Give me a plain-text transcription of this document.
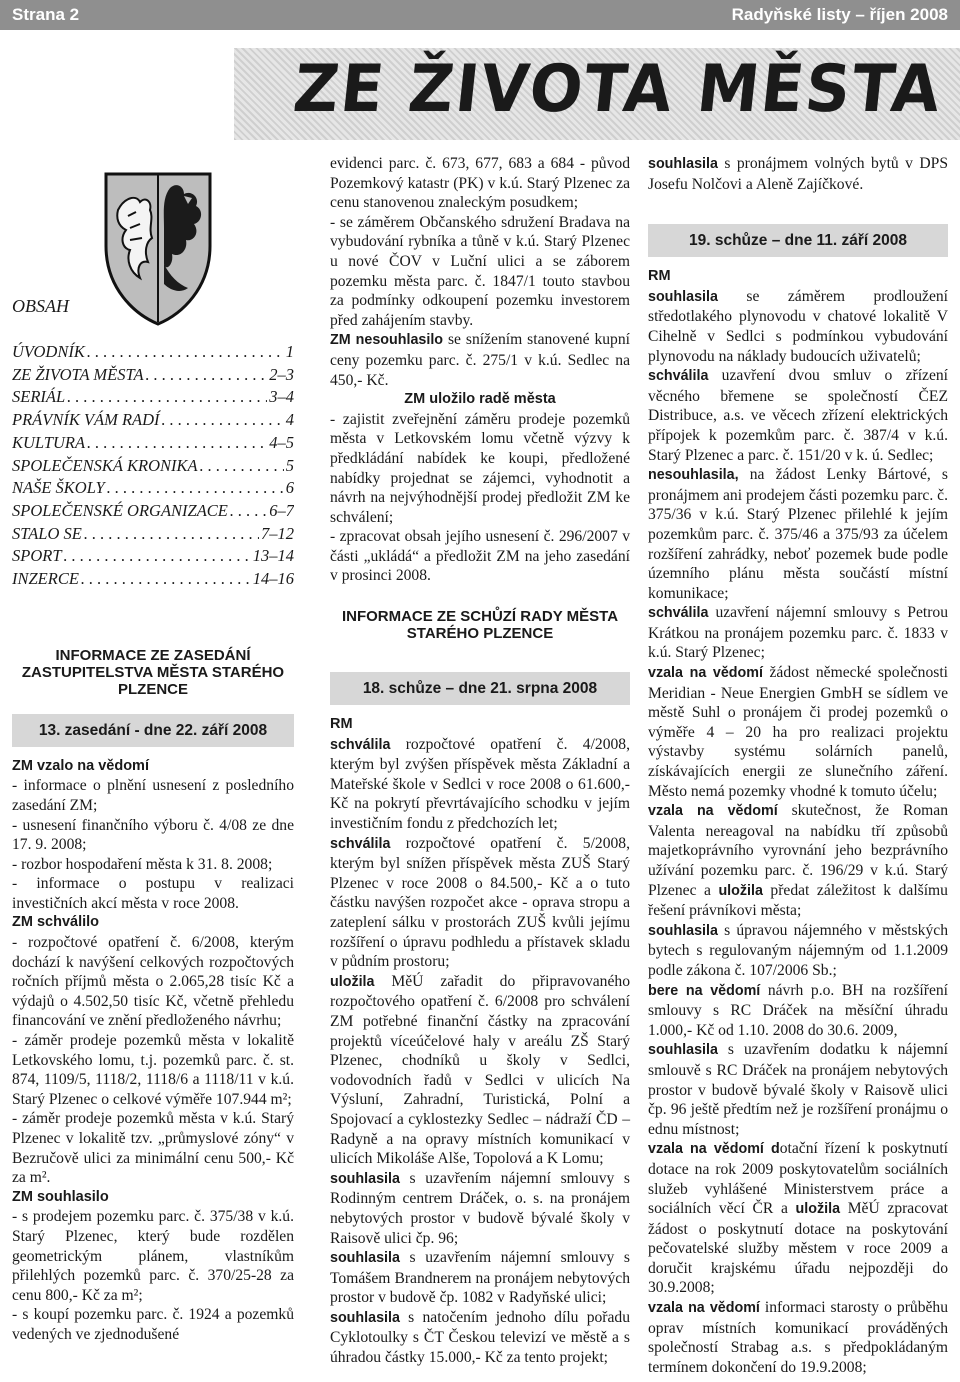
Strana 2	Radyňské listy – říjen 2008
ZE ŽIVOTA MĚSTA
OBSAH
ÚVODNÍK . . .	1
ZE ŽIVOTA MĚSTA . . .	2–3
SERIÁL . . .	3–4
PRÁVNÍK VÁM RADÍ . . .	4
KULTURA . . .	4–5
SPOLEČENSKÁ KRONIKA . . .	5
NAŠE ŠKOLY . . .	6
SPOLEČENSKÉ ORGANIZACE . . .	6–7
STALO SE . . .	7–12
SPORT . . .	13–14
INZERCE . . .	14–16
INFORMACE ZE ZASEDÁNÍ ZASTUPITELSTVA MĚSTA STARÉHO PLZENCE
13. zasedání - dne 22. září 2008

ZM vzalo na vědomí

- informace o plnění usnesení z posledního zasedání ZM;

- usnesení finančního výboru č. 4/08 ze dne 17. 9. 2008;

- rozbor hospodaření města k 31. 8. 2008;

- informace o postupu v realizaci investičních akcí města v roce 2008.

ZM schválilo

- rozpočtové opatření č. 6/2008, kterým dochází k navýšení celkových rozpočtových ročních příjmů města o 2.065,28 tisíc Kč a výdajů o 4.502,50 tisíc Kč, včetně přehledu financování ve znění předloženého návrhu;

- záměr prodeje pozemků města v lokalitě Letkovského lomu, t.j. pozemků parc. č. st. 874, 1109/5, 1118/2, 1118/6 a 1118/11 v k.ú. Starý Plzenec o celkové výměře 107.944 m²;

- záměr prodeje pozemků města v k.ú. Starý Plzenec v lokalitě tzv. „průmyslové zóny“ v Bezručově ulici za minimální cenu 500,- Kč za m².

ZM souhlasilo

- s prodejem pozemku parc. č. 375/38 v k.ú. Starý Plzenec, který bude rozdělen geometrickým plánem, vlastníkům přilehlých pozemků parc. č. 370/25-28 za cenu 800,- Kč za m²;

- s koupí pozemku parc. č. 1924 a pozemků vedených ve zjednodušené

evidenci parc. č. 673, 677, 683 a 684 - původ Pozemkový katastr (PK) v k.ú. Starý Plzenec za cenu stanovenou znaleckým posudkem;

- se záměrem Občanského sdružení Bradava na vybudování rybníka a tůně v k.ú. Starý Plzenec u nové ČOV v Luční ulici a se záborem pozemku města parc. č. 1847/1 touto stavbou za podmínky odkoupení pozemku investorem před zahájením stavby.

ZM nesouhlasilo se snížením stanovené kupní ceny pozemku parc. č. 275/1 v k.ú. Sedlec na 450,- Kč.

ZM uložilo radě města

- zajistit zveřejnění záměru prodeje pozemků města v Letkovském lomu včetně výzvy k předkládání nabídek ke koupi, předložené nabídky projednat se zájemci, vyhodnotit a návrh na nejvýhodnější prodej předložit ZM ke schválení;

- zpracovat obsah jejího usnesení č. 296/2007 v části „ukládá“ a předložit ZM na jeho zasedání v prosinci 2008.

INFORMACE ZE SCHŮZÍ RADY MĚSTA STARÉHO PLZENCE
18. schůze – dne 21. srpna 2008

RM

schválila rozpočtové opatření č. 4/2008, kterým byl zvýšen příspěvek města Základní a Mateřské škole v Sedlci v roce 2008 o 61.600,- Kč na pokrytí převrtávajícího schodku v jejím investičním fondu z předchozích let;

schválila rozpočtové opatření č. 5/2008, kterým byl snížen příspěvek města ZUŠ Starý Plzenec v roce 2008 o 84.500,- Kč a o tuto částku navýšen rozpočet akce - oprava stropu a zateplení sálku v prostorách ZUŠ kvůli jejímu rozšíření o úpravu podhledu a přístavek skladu v půdním prostoru;

uložila MěÚ zařadit do připravovaného rozpočtového opatření č. 6/2008 pro schválení ZM potřebné finanční částky na zpracování projektů víceúčelové haly v areálu ZŠ Starý Plzenec, chodníků u školy v Sedlci, vodovodních řadů v Sedlci v ulicích Na Výsluní, Zahradní, Turistická, Polní a Spojovací a cyklostezky Sedlec – nádraží ČD – Radyně a na opravy místních komunikací v ulicích Mikoláše Alše, Topolová a K Lomu;

souhlasila s uzavřením nájemní smlouvy s Rodinným centrem Dráček, o. s. na pronájem nebytových prostor v budově bývalé školy v Raisově ulici čp. 96;

souhlasila s uzavřením nájemní smlouvy s Tomášem Brandnerem na pronájem nebytových prostor v budově čp. 1082 v Radyňské ulici;

souhlasila s natočením jednoho dílu pořadu Cyklotoulky s ČT Českou televizí ve městě a s úhradou částky 15.000,- Kč za tento projekt;

souhlasila s pronájmem volných bytů v DPS Josefu Nolčovi a Aleně Zajíčkové.

19. schůze – dne 11. září 2008

RM

souhlasila se záměrem prodloužení středotlakého plynovodu v chatové lokalitě V Cihelně v Sedlci s podmínkou vybudování plynovodu na náklady budoucích uživatelů;

schválila uzavření dvou smluv o zřízení věcného břemene se společností ČEZ Distribuce, a.s. ve věcech zřízení elektrických přípojek k pozemkům parc. č. 387/4 v k.ú. Starý Plzenec a parc. č. 151/20 v k. ú. Sedlec;

nesouhlasila, na žádost Lenky Bártové, s pronájmem ani prodejem části pozemku parc. č. 375/36 v k.ú. Starý Plzenec přilehlé k jejím pozemkům parc. č. 375/46 a 375/93 za účelem rozšíření zahrádky, neboť pozemek bude podle územního plánu města součástí místní komunikace;

schválila uzavření nájemní smlouvy s Petrou Krátkou na pronájem pozemku parc. č. 1833 v k.ú. Starý Plzenec;

vzala na vědomí žádost německé společnosti Meridian - Neue Energien GmbH se sídlem ve městě Suhl o pronájem či prodej pozemků o výměře 4 – 20 ha pro realizaci projektu výstavby systému solárních panelů, získávajících energii ze slunečního záření. Město nemá pozemky vhodné k tomuto účelu;

vzala na vědomí skutečnost, že Roman Valenta nereagoval na nabídku tří způsobů majetkoprávního vyrovnání jeho bezprávního užívání pozemku parc. č. 196/29 v k.ú. Starý Plzenec a uložila předat záležitost k dalšímu řešení právníkovi města;

souhlasila s úpravou nájemného v městských bytech s regulovaným nájemným od 1.1.2009 podle zákona č. 107/2006 Sb.;

bere na vědomí návrh p.o. BH na rozšíření smlouvy s RC Dráček na měsíční úhradu 1.000,- Kč od 1.10. 2008 do 30.6. 2009,

souhlasila s uzavřením dodatku k nájemní smlouvě s RC Dráček na pronájem nebytových prostor v budově bývalé školy v Raisově ulici čp. 96 ještě předtím než je rozšíření pronájmu o ednu místnost;

vzala na vědomí dotační řízení k poskytnutí dotace na rok 2009 poskytovatelům sociálních služeb vyhlášené Ministerstvem práce a sociálních věcí ČR a uložila MěÚ zpracovat žádost o poskytnutí dotace na poskytování pečovatelské služby městem v roce 2009 a doručit krajskému úřadu nejpozději do 30.9.2008;

vzala na vědomí informaci starosty o průběhu oprav místních komunikací prováděných společností Strabag a.s. s předpokládaným termínem dokončení do 19.9.2008;
